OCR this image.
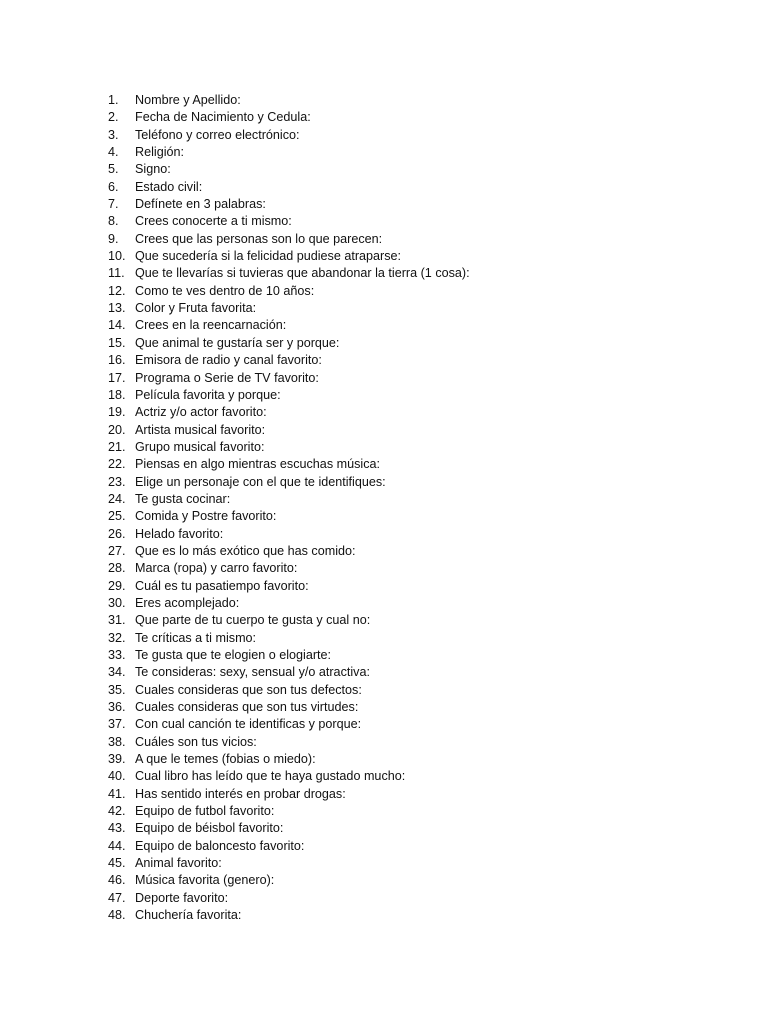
1.	Nombre y Apellido:
2.	Fecha de Nacimiento y Cedula:
3.	Teléfono y correo electrónico:
4.	Religión:
5.	Signo:
6.	Estado civil:
7.	Defínete en 3 palabras:
8.	Crees conocerte a ti mismo:
9.	Crees que las personas son lo que parecen:
10. Que sucedería si la felicidad pudiese atraparse:
11. Que te llevarías si tuvieras que abandonar la tierra (1 cosa):
12. Como te ves dentro de 10 años:
13. Color y Fruta favorita:
14. Crees en la reencarnación:
15. Que animal te gustaría ser y porque:
16. Emisora de radio y canal favorito:
17. Programa o Serie de TV favorito:
18. Película favorita y porque:
19. Actriz y/o actor favorito:
20. Artista musical favorito:
21. Grupo musical favorito:
22. Piensas en algo mientras escuchas música:
23. Elige un personaje con el que te identifiques:
24. Te gusta cocinar:
25. Comida y Postre favorito:
26. Helado favorito:
27. Que es lo más exótico que has comido:
28. Marca (ropa) y carro favorito:
29. Cuál es tu pasatiempo favorito:
30. Eres acomplejado:
31. Que parte de tu cuerpo te gusta y cual no:
32. Te críticas a ti mismo:
33. Te gusta que te elogien o elogiarte:
34. Te consideras: sexy, sensual y/o atractiva:
35. Cuales consideras que son tus defectos:
36. Cuales consideras que son tus virtudes:
37. Con cual canción te identificas y porque:
38. Cuáles son tus vicios:
39. A que le temes (fobias o miedo):
40. Cual libro has leído que te haya gustado mucho:
41. Has sentido interés en probar drogas:
42. Equipo de futbol favorito:
43. Equipo de béisbol favorito:
44. Equipo de baloncesto favorito:
45. Animal favorito:
46. Música favorita (genero):
47. Deporte favorito:
48. Chuchería favorita:
